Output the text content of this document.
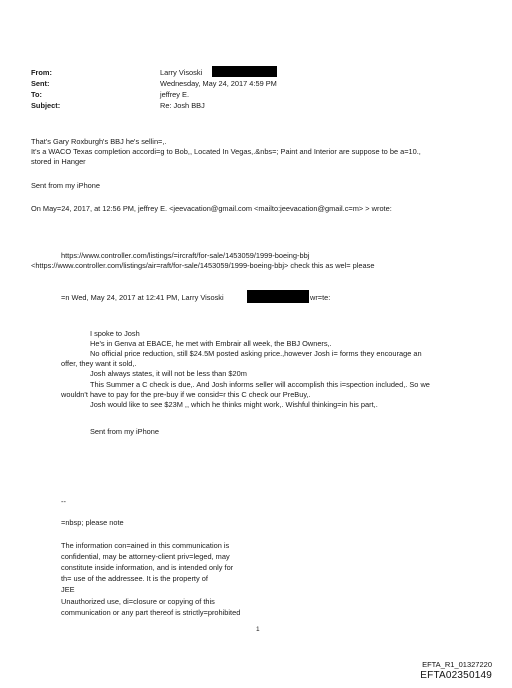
From:
Sent:
To:
Subject:
Larry Visoski
Wednesday, May 24, 2017 4:59 PM
jeffrey E.
Re: Josh BBJ
That's Gary Roxburgh's BBJ he's sellin=,.
It's a WACO Texas completion accordi=g to Bob,, Located In Vegas,.&nbs=; Paint and Interior are suppose to be a=10.,
stored in Hanger
Sent from my iPhone
On May=24, 2017, at 12:56 PM, jeffrey E. <jeevacation@gmail.com <mailto:jeevacation@gmail.c=m> > wrote:
https://www.controller.com/listings/=ircraft/for-sale/1453059/1999-boeing-bbj
<https://www.controller.com/listings/air=raft/for-sale/1453059/1999-boeing-bbj> check this as wel= please
=n Wed, May 24, 2017 at 12:41 PM, Larry Visoski	wr=te:
I spoke to Josh
He's in Genva at EBACE, he met with Embrair all week, the BBJ Owners,.
No official price reduction, still $24.5M posted asking price.,however Josh i= forms they encourage an
offer, they want it sold,.
Josh always states, it will not be less than $20m
This Summer a C check is due,. And Josh informs seller will accomplish this i=spection included,. So we
wouldn't have to pay for the pre-buy if we consid=r this C check our PreBuy,.
Josh would like to see $23M ,, which he thinks might work,. Wishful thinking=in his part,.
Sent from my iPhone
--
=nbsp; please note
The information con=ained in this communication is
confidential, may be attorney-client priv=leged, may
constitute inside information, and is intended only for
th= use of the addressee. It is the property of
JEE
Unauthorized use, di=closure or copying of this
communication or any part thereof is strictly=prohibited
1
EFTA_R1_01327220
EFTA02350149
